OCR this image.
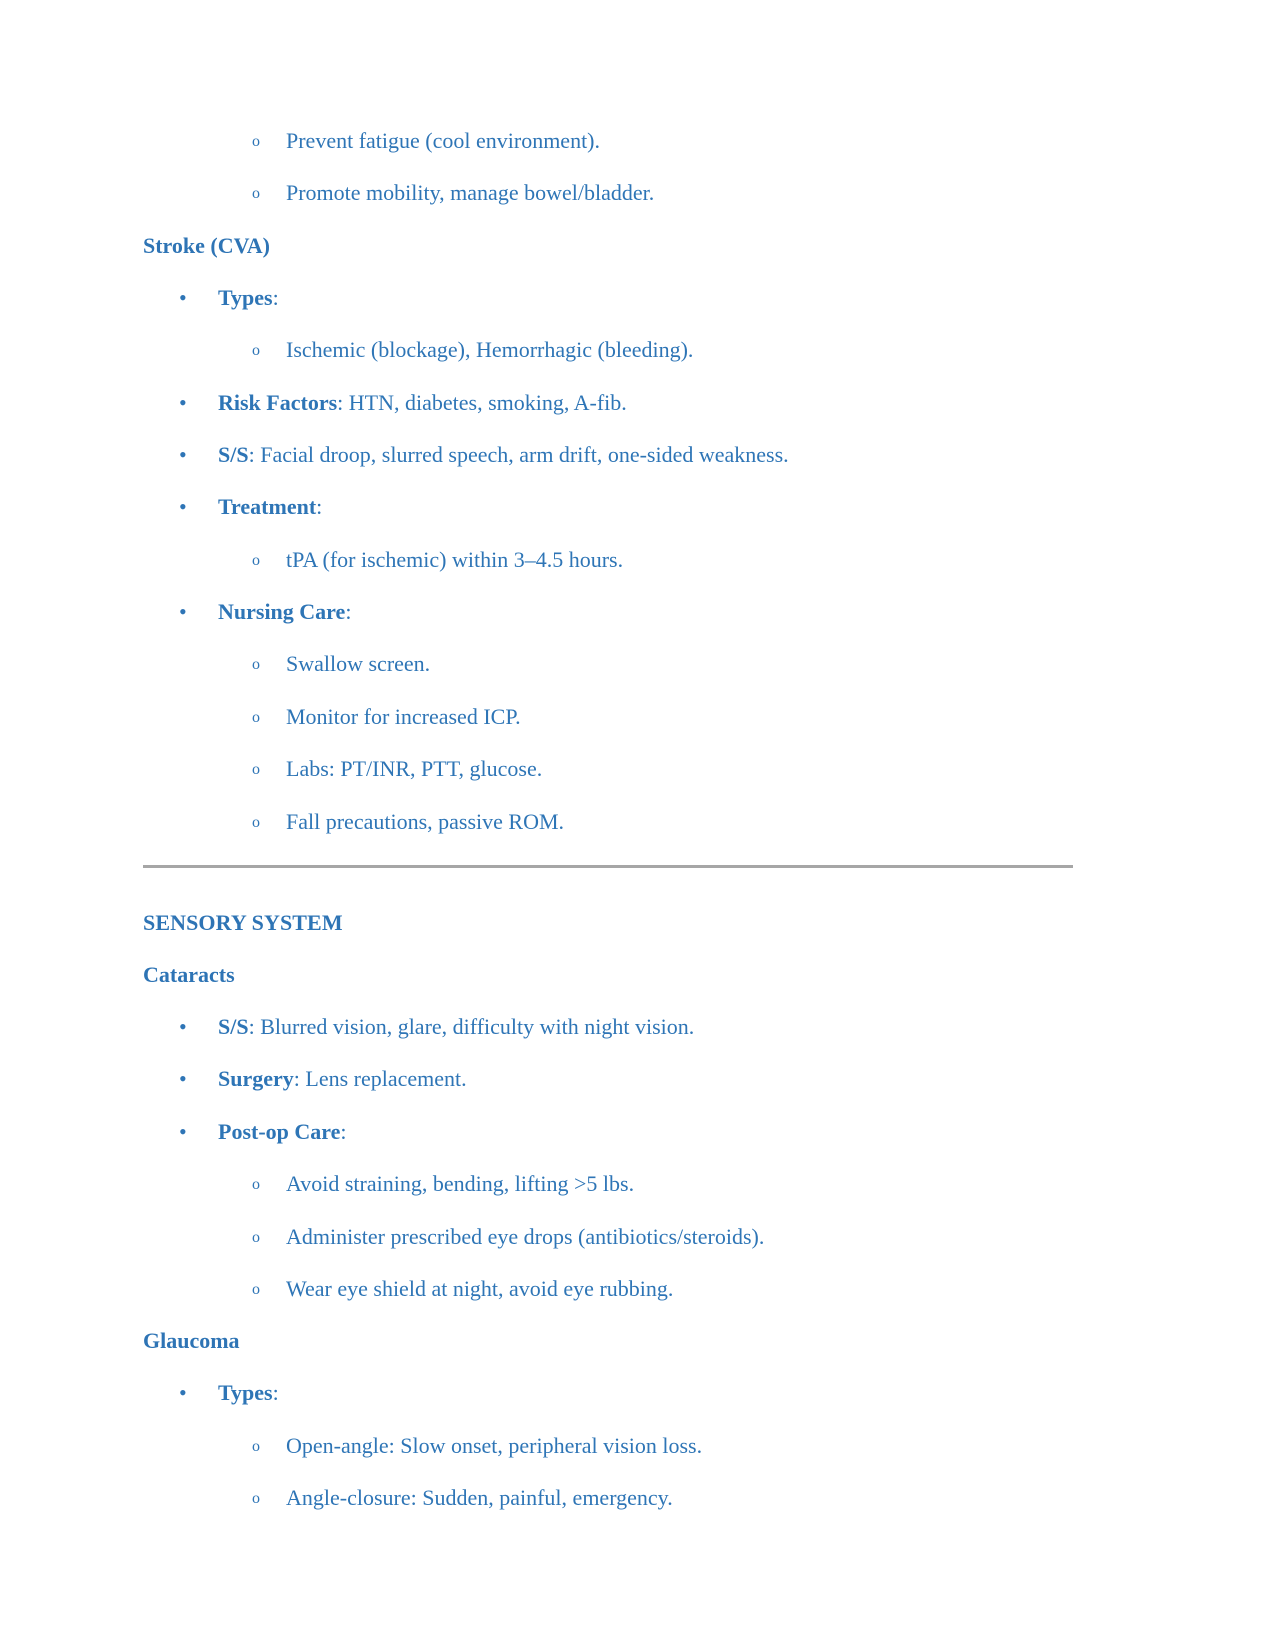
o Prevent fatigue (cool environment).
o Promote mobility, manage bowel/bladder.
Stroke (CVA)
• Types:
o Ischemic (blockage), Hemorrhagic (bleeding).
• Risk Factors: HTN, diabetes, smoking, A-fib.
• S/S: Facial droop, slurred speech, arm drift, one-sided weakness.
• Treatment:
o tPA (for ischemic) within 3–4.5 hours.
• Nursing Care:
o Swallow screen.
o Monitor for increased ICP.
o Labs: PT/INR, PTT, glucose.
o Fall precautions, passive ROM.
SENSORY SYSTEM
Cataracts
• S/S: Blurred vision, glare, difficulty with night vision.
• Surgery: Lens replacement.
• Post-op Care:
o Avoid straining, bending, lifting >5 lbs.
o Administer prescribed eye drops (antibiotics/steroids).
o Wear eye shield at night, avoid eye rubbing.
Glaucoma
• Types:
o Open-angle: Slow onset, peripheral vision loss.
o Angle-closure: Sudden, painful, emergency.
